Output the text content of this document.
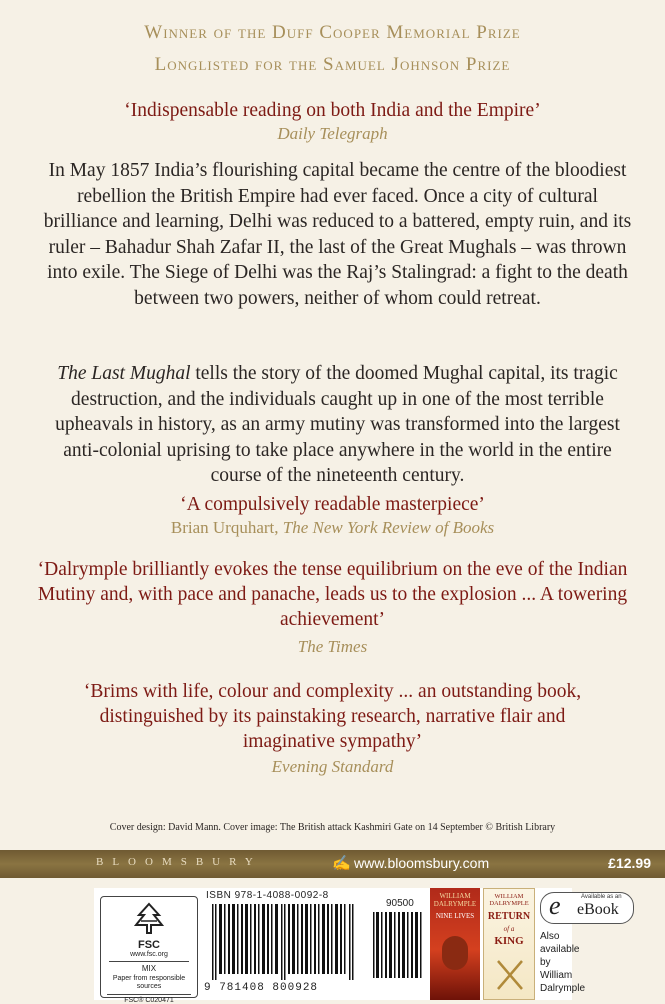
Winner of the Duff Cooper Memorial Prize
Longlisted for the Samuel Johnson Prize
‘Indispensable reading on both India and the Empire’
Daily Telegraph
In May 1857 India’s flourishing capital became the centre of the bloodiest rebellion the British Empire had ever faced. Once a city of cultural brilliance and learning, Delhi was reduced to a battered, empty ruin, and its ruler – Bahadur Shah Zafar II, the last of the Great Mughals – was thrown into exile. The Siege of Delhi was the Raj’s Stalingrad: a fight to the death between two powers, neither of whom could retreat.
The Last Mughal tells the story of the doomed Mughal capital, its tragic destruction, and the individuals caught up in one of the most terrible upheavals in history, as an army mutiny was transformed into the largest anti-colonial uprising to take place anywhere in the world in the entire course of the nineteenth century.
‘A compulsively readable masterpiece’
Brian Urquhart, The New York Review of Books
‘Dalrymple brilliantly evokes the tense equilibrium on the eve of the Indian Mutiny and, with pace and panache, leads us to the explosion ... A towering achievement’
The Times
‘Brims with life, colour and complexity ... an outstanding book, distinguished by its painstaking research, narrative flair and imaginative sympathy’
Evening Standard
Cover design: David Mann. Cover image: The British attack Kashmiri Gate on 14 September © British Library
BLOOMSBURY	✍ www.bloomsbury.com	£12.99
FSC
www.fsc.org
MIX
Paper from responsible sources
FSC® C020471
ISBN 978-1-4088-0092-8
9 781408 800928
90500
WILLIAM DALRYMPLE
NINE LIVES
WILLIAM DALRYMPLE
RETURN
of a
KING
e	Available as an
eBook
Also
available
by
William
Dalrymple
